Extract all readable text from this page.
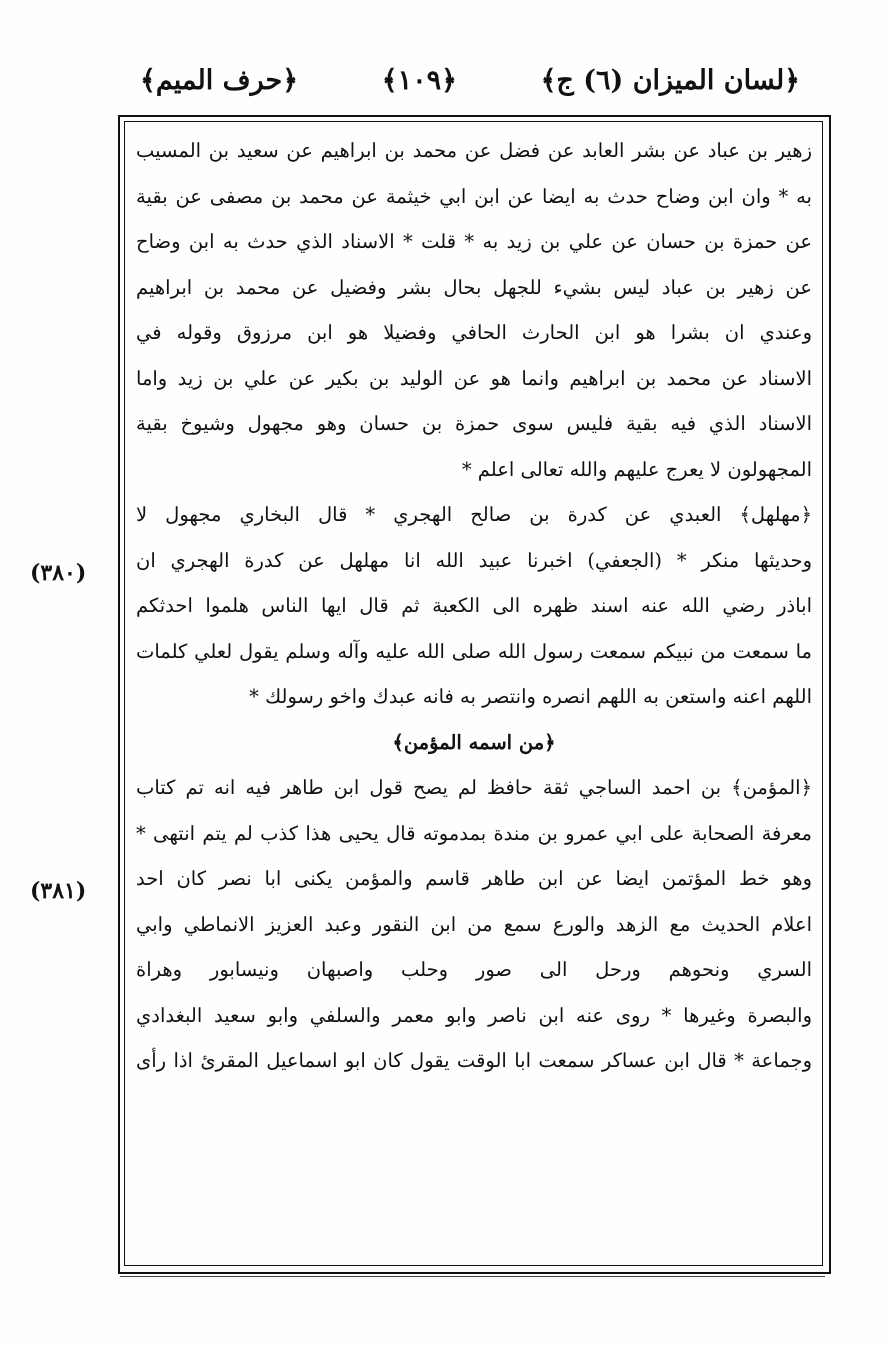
﴿حرف الميم﴾	﴿١٠٩﴾	﴿لسان الميزان (٦) ج﴾
زهير بن عباد عن بشر العابد عن فضل عن محمد بن ابراهيم عن سعيد بن المسيب
به * وان ابن وضاح حدث به ايضا عن ابن ابي خيثمة عن محمد بن مصفى عن بقية
عن حمزة بن حسان عن علي بن زيد به * قلت * الاسناد الذي حدث به ابن وضاح
عن زهير بن عباد ليس بشيء للجهل بحال بشر وفضيل عن محمد بن ابراهيم
وعندي ان بشرا هو ابن الحارث الحافي وفضيلا هو ابن مرزوق وقوله في
الاسناد عن محمد بن ابراهيم وانما هو عن الوليد بن بكير عن علي بن زيد واما
الاسناد الذي فيه بقية فليس سوى حمزة بن حسان وهو مجهول وشيوخ بقية
المجهولون لا يعرج عليهم والله تعالى اعلم *
﴿مهلهل﴾ العبدي عن كدرة بن صالح الهجري * قال البخاري مجهول لا
وحديثها منكر * (الجعفي) اخبرنا عبيد الله انا مهلهل عن كدرة الهجري ان
اباذر رضي الله عنه اسند ظهره الى الكعبة ثم قال ايها الناس هلموا احدثكم
ما سمعت من نبيكم سمعت رسول الله صلى الله عليه وآله وسلم يقول لعلي كلمات
اللهم اعنه واستعن به اللهم انصره وانتصر به فانه عبدك واخو رسولك *
﴿من اسمه المؤمن﴾
﴿المؤمن﴾ بن احمد الساجي ثقة حافظ لم يصح قول ابن طاهر فيه انه تم كتاب
معرفة الصحابة على ابي عمرو بن مندة بمدموته قال يحيى هذا كذب لم يتم انتهى *
وهو خط المؤتمن ايضا عن ابن طاهر قاسم والمؤمن يكنى ابا نصر كان احد
اعلام الحديث مع الزهد والورع سمع من ابن النقور وعبد العزيز الانماطي وابي
السري ونحوهم ورحل الى صور وحلب واصبهان ونيسابور وهراة
والبصرة وغيرها * روى عنه ابن ناصر وابو معمر والسلفي وابو سعيد البغدادي
وجماعة * قال ابن عساكر سمعت ابا الوقت يقول كان ابو اسماعيل المقرئ اذا رأى
(٣٨٠)
(٣٨١)
